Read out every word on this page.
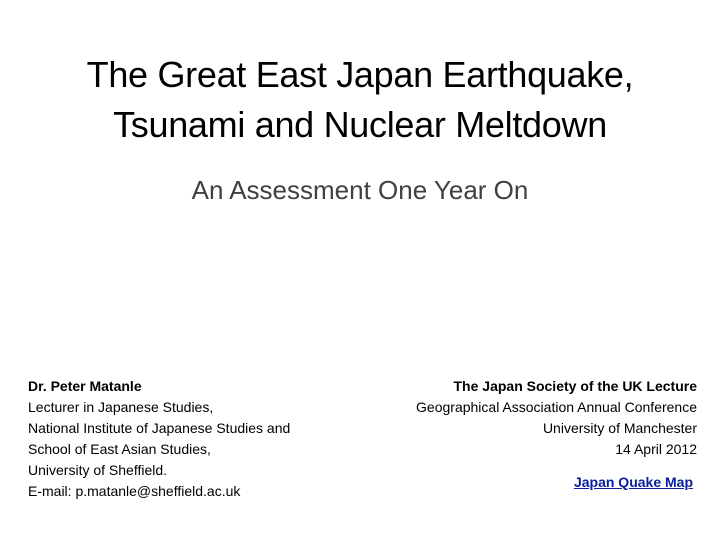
The Great East Japan Earthquake,
Tsunami and Nuclear Meltdown
An Assessment One Year On
Dr. Peter Matanle
Lecturer in Japanese Studies,
National Institute of Japanese Studies and
School of East Asian Studies,
University of Sheffield.
E-mail: p.matanle@sheffield.ac.uk
The Japan Society of the UK Lecture
Geographical Association Annual Conference
University of Manchester
14 April 2012
Japan Quake Map
